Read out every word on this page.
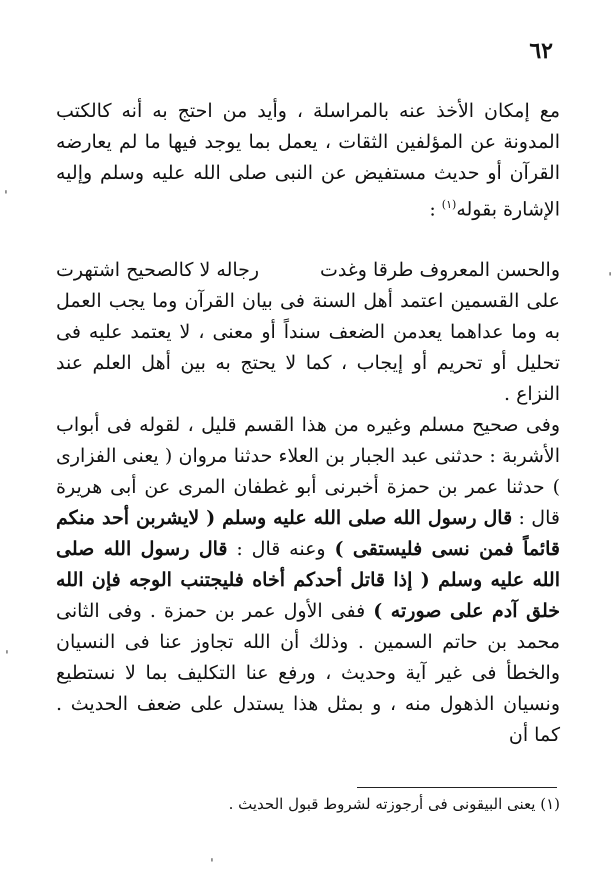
٦٢
مع إمكان الأخذ عنه بالمراسلة ، وأيد من احتج به أنه كالكتب المدونة عن المؤلفين الثقات ، يعمل بما يوجد فيها ما لم يعارضه القرآن أو حديث مستفيض عن النبى صلى الله عليه وسلم وإليه الإشارة بقوله$^{(١)}$ :
والحسن المعروف طرقا وغدت
رجاله لا كالصحيح اشتهرت
على القسمين اعتمد أهل السنة فى بيان القرآن وما يجب العمل به وما عداهما يعدمن الضعف سنداً أو معنى ، لا يعتمد عليه فى تحليل أو تحريم أو إيجاب ، كما لا يحتج به بين أهل العلم عند النزاع .
وفى صحيح مسلم وغيره من هذا القسم قليل ، لقوله فى أبواب الأشربة : حدثنى عبد الجبار بن العلاء حدثنا مروان ( يعنى الفزارى ) حدثنا عمر بن حمزة أخبرنى أبو غطفان المرى عن أبى هريرة قال : قال رسول الله صلى الله عليه وسلم ( لايشربن أحد منكم قائماً فمن نسى فليستقى ) وعنه قال : قال رسول الله صلى الله عليه وسلم ( إذا قاتل أحدكم أخاه فليجتنب الوجه فإن الله خلق آدم على صورته ) ففى الأول عمر بن حمزة . وفى الثانى محمد بن حاتم السمين . وذلك أن الله تجاوز عنا فى النسيان والخطأ فى غير آية وحديث ، ورفع عنا التكليف بما لا نستطيع ونسيان الذهول منه ، و بمثل هذا يستدل على ضعف الحديث . كما أن
(١) يعنى البيقونى فى أرجوزته لشروط قبول الحديث .
ˌ
ˌ
ˌ
ˌ
